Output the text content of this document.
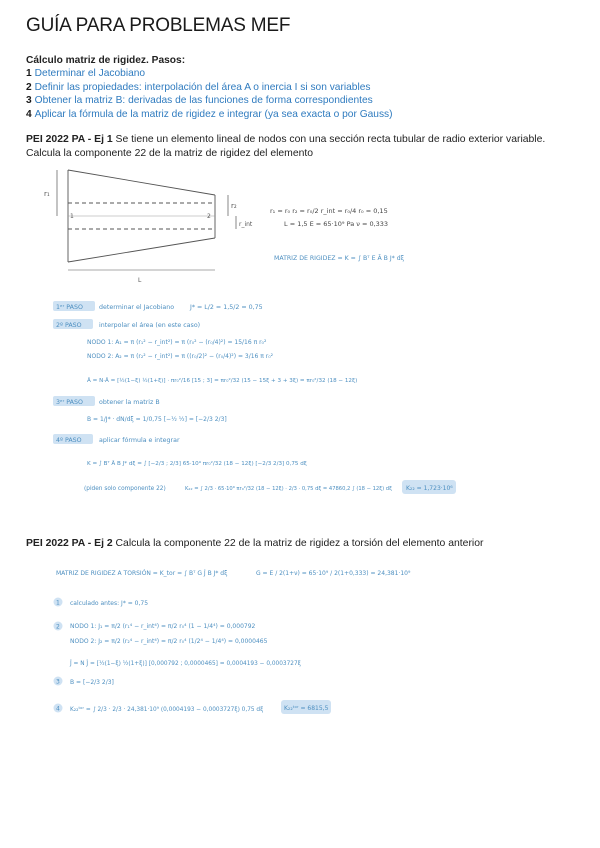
GUÍA PARA PROBLEMAS MEF
Cálculo matriz de rigidez. Pasos:
1 Determinar el Jacobiano
2 Definir las propiedades: interpolación del área A o inercia I si son variables
3 Obtener la matriz B: derivadas de las funciones de forma correspondientes
4 Aplicar la fórmula de la matriz de rigidez e integrar (ya sea exacta o por Gauss)
PEI 2022 PA - Ej 1 Se tiene un elemento lineal de nodos con una sección recta tubular de radio exterior variable. Calcula la componente 22 de la matriz de rigidez del elemento
PEI 2022 PA - Ej 2 Calcula la componente 22 de la matriz de rigidez a torsión del elemento anterior
r₁
1	2
r₂
r_int
L
r₁ = r₀ r₂ = r₀/2 r_int = r₀/4 r₀ = 0,15
L = 1,5 E = 65·10⁹ Pa ν = 0,333
MATRIZ DE RIGIDEZ = K = ∫ Bᵀ E Ā B J* dξ
1ᵉʳ PASO	determinar el Jacobiano	J* = L/2 = 1,5/2 = 0,75
2º PASO	interpolar el área (en este caso)
NODO 1: A₁ = π (r₁² − r_int²) = π (r₀² − (r₀/4)²) = 15/16 π r₀²
NODO 2: A₂ = π (r₂² − r_int²) = π ((r₀/2)² − (r₀/4)²) = 3/16 π r₀²
Ā = N·Â = [½(1−ξ) ½(1+ξ)] · πr₀²/16 [15 ; 3] = πr₀²/32 (15 − 15ξ + 3 + 3ξ) = πr₀²/32 (18 − 12ξ)
3ᵉʳ PASO	obtener la matriz B
B = 1/J* · dN/dξ = 1/0,75 [−½ ½] = [−2/3 2/3]
4º PASO	aplicar fórmula e integrar
K = ∫ Bᵀ Ā B J* dξ = ∫ [−2/3 ; 2/3] 65·10⁹ πr₀²/32 (18 − 12ξ) [−2/3 2/3] 0,75 dξ
(piden solo componente 22)	K₂₂ = ∫ 2/3 · 65·10⁹ πr₀²/32 (18 − 12ξ) · 2/3 · 0,75 dξ = 47860,2 ∫ (18 − 12ξ) dξ K₂₂ = 1,723·10⁶
MATRIZ DE RIGIDEZ A TORSIÓN = K_tor = ∫ Bᵀ G Ĵ B J* dξ	G = E / 2(1+ν) = 65·10⁹ / 2(1+0,333) = 24,381·10⁹
1 calculado antes: J* = 0,75
2 NODO 1: J₁ = π/2 (r₁⁴ − r_int⁴) = π/2 r₀⁴ (1 − 1/4⁴) = 0,000792
NODO 2: J₂ = π/2 (r₂⁴ − r_int⁴) = π/2 r₀⁴ (1/2⁴ − 1/4⁴) = 0,0000465
Ĵ = N Ĵ = [½(1−ξ) ½(1+ξ)] [0,000792 ; 0,0000465] = 0,0004193 − 0,0003727ξ
3 B = [−2/3 2/3]
4 K₂₂ᵗᵒʳ = ∫ 2/3 · 2/3 · 24,381·10⁹ (0,0004193 − 0,0003727ξ) 0,75 dξ	K₂₂ᵗᵒʳ = 6815,5
